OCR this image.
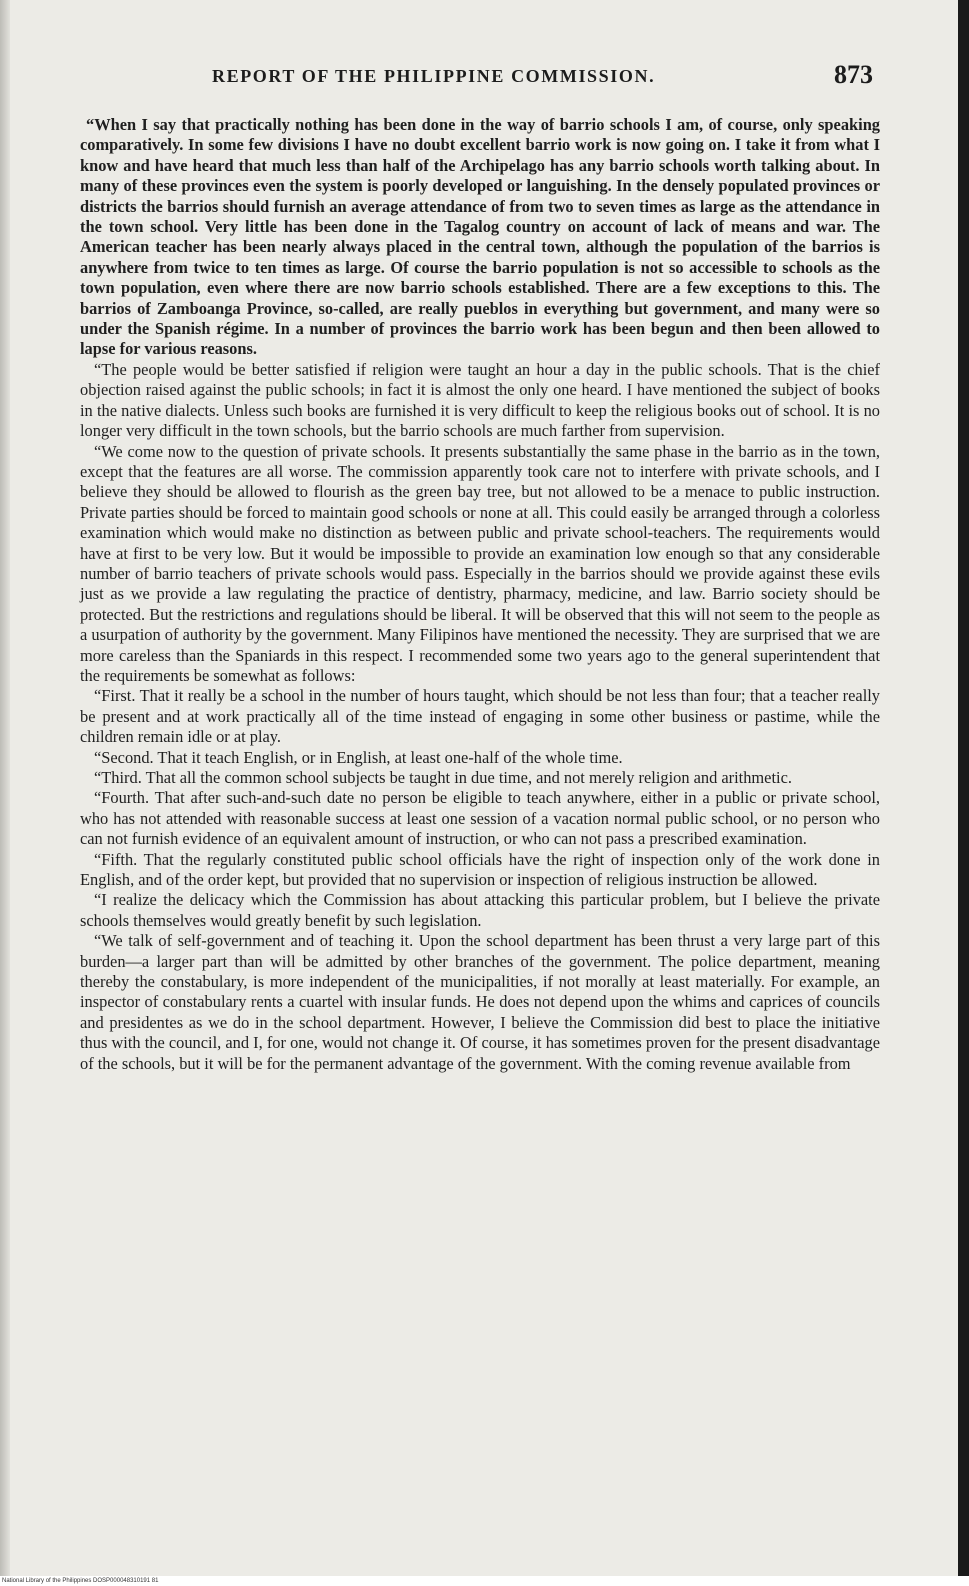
REPORT OF THE PHILIPPINE COMMISSION.	873

“When I say that practically nothing has been done in the way of barrio schools I am, of course, only speaking comparatively. In some few divisions I have no doubt excellent barrio work is now going on. I take it from what I know and have heard that much less than half of the Archipelago has any barrio schools worth talking about. In many of these provinces even the system is poorly developed or languishing. In the densely populated provinces or districts the barrios should furnish an average attendance of from two to seven times as large as the attendance in the town school. Very little has been done in the Tagalog country on account of lack of means and war. The American teacher has been nearly always placed in the central town, although the population of the barrios is anywhere from twice to ten times as large. Of course the barrio population is not so accessible to schools as the town population, even where there are now barrio schools established. There are a few exceptions to this. The barrios of Zamboanga Province, so-called, are really pueblos in everything but government, and many were so under the Spanish régime. In a number of provinces the barrio work has been begun and then been allowed to lapse for various reasons.

“The people would be better satisfied if religion were taught an hour a day in the public schools. That is the chief objection raised against the public schools; in fact it is almost the only one heard. I have mentioned the subject of books in the native dialects. Unless such books are furnished it is very difficult to keep the religious books out of school. It is no longer very difficult in the town schools, but the barrio schools are much farther from supervision.

“We come now to the question of private schools. It presents substantially the same phase in the barrio as in the town, except that the features are all worse. The commission apparently took care not to interfere with private schools, and I believe they should be allowed to flourish as the green bay tree, but not allowed to be a menace to public instruction. Private parties should be forced to maintain good schools or none at all. This could easily be arranged through a colorless examination which would make no distinction as between public and private school-teachers. The requirements would have at first to be very low. But it would be impossible to provide an examination low enough so that any considerable number of barrio teachers of private schools would pass. Especially in the barrios should we provide against these evils just as we provide a law regulating the practice of dentistry, pharmacy, medicine, and law. Barrio society should be protected. But the restrictions and regulations should be liberal. It will be observed that this will not seem to the people as a usurpation of authority by the government. Many Filipinos have mentioned the necessity. They are surprised that we are more careless than the Spaniards in this respect. I recommended some two years ago to the general superintendent that the requirements be somewhat as follows:

“First. That it really be a school in the number of hours taught, which should be not less than four; that a teacher really be present and at work practically all of the time instead of engaging in some other business or pastime, while the children remain idle or at play.

“Second. That it teach English, or in English, at least one-half of the whole time.

“Third. That all the common school subjects be taught in due time, and not merely religion and arithmetic.

“Fourth. That after such-and-such date no person be eligible to teach anywhere, either in a public or private school, who has not attended with reasonable success at least one session of a vacation normal public school, or no person who can not furnish evidence of an equivalent amount of instruction, or who can not pass a prescribed examination.

“Fifth. That the regularly constituted public school officials have the right of inspection only of the work done in English, and of the order kept, but provided that no supervision or inspection of religious instruction be allowed.

“I realize the delicacy which the Commission has about attacking this particular problem, but I believe the private schools themselves would greatly benefit by such legislation.

“We talk of self-government and of teaching it. Upon the school department has been thrust a very large part of this burden—a larger part than will be admitted by other branches of the government. The police department, meaning thereby the constabulary, is more independent of the municipalities, if not morally at least materially. For example, an inspector of constabulary rents a cuartel with insular funds. He does not depend upon the whims and caprices of councils and presidentes as we do in the school department. However, I believe the Commission did best to place the initiative thus with the council, and I, for one, would not change it. Of course, it has sometimes proven for the present disadvantage of the schools, but it will be for the permanent advantage of the government. With the coming revenue available from

National Library of the Philippines DOSP000048310191 81
